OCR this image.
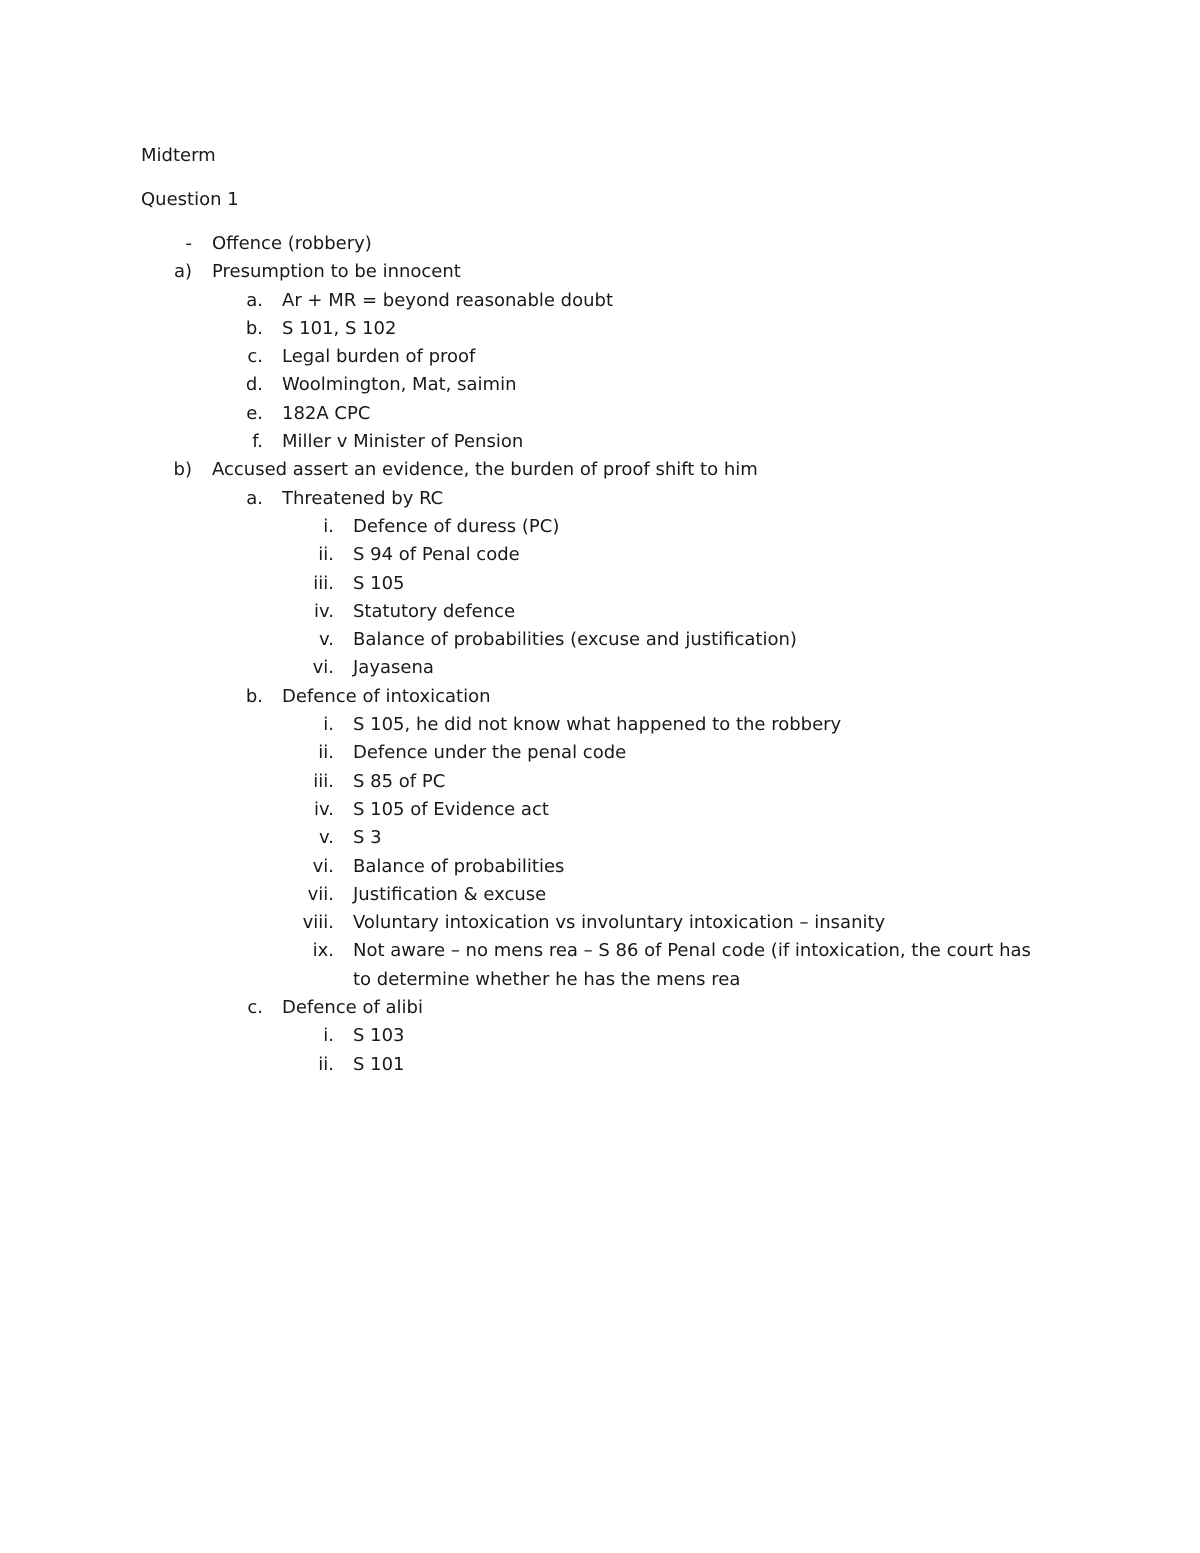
Midterm
Question 1
- Offence (robbery)
a) Presumption to be innocent
a. Ar + MR = beyond reasonable doubt
b. S 101, S 102
c. Legal burden of proof
d. Woolmington, Mat, saimin
e. 182A CPC
f. Miller v Minister of Pension
b) Accused assert an evidence, the burden of proof shift to him
a. Threatened by RC
i. Defence of duress (PC)
ii. S 94 of Penal code
iii. S 105
iv. Statutory defence
v. Balance of probabilities (excuse and justification)
vi. Jayasena
b. Defence of intoxication
i. S 105, he did not know what happened to the robbery
ii. Defence under the penal code
iii. S 85 of PC
iv. S 105 of Evidence act
v. S 3
vi. Balance of probabilities
vii. Justification & excuse
viii. Voluntary intoxication vs involuntary intoxication – insanity
ix. Not aware – no mens rea – S 86 of Penal code (if intoxication, the court has to determine whether he has the mens rea
c. Defence of alibi
i. S 103
ii. S 101
